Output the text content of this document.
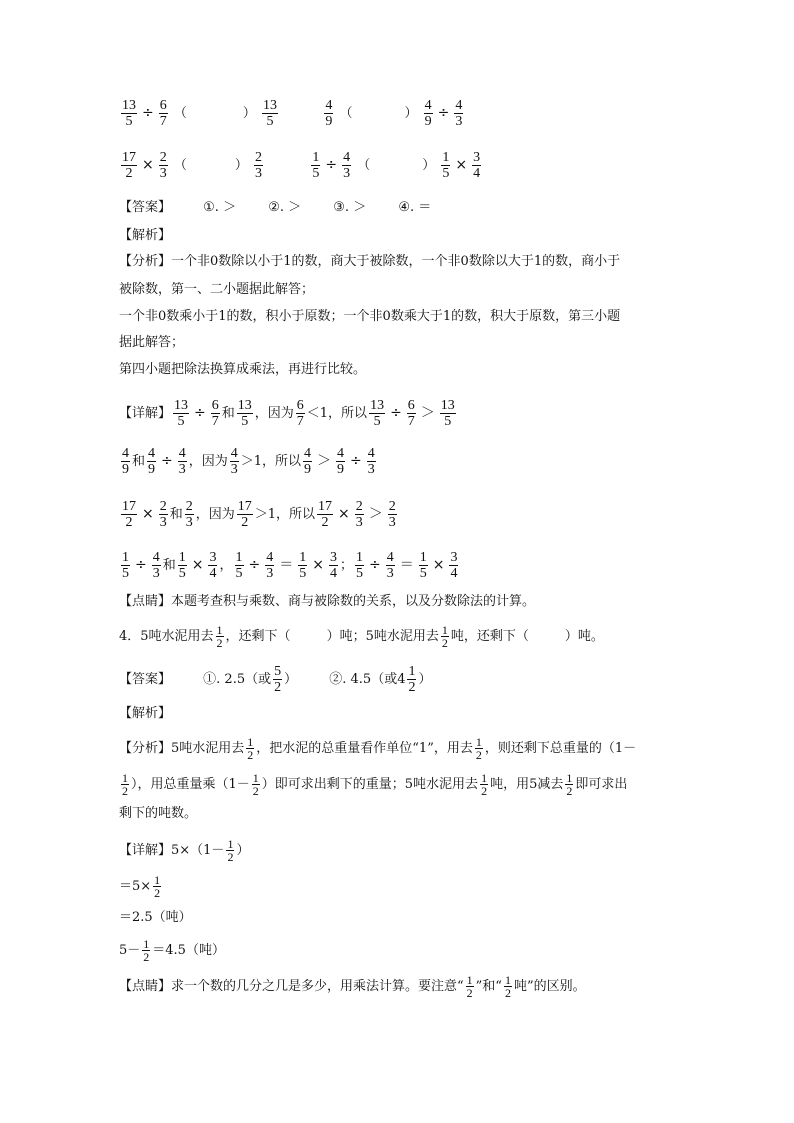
$\frac{13}{5} \div \frac{6}{7}$ （	） $\frac{13}{5}$
	$\frac{4}{9}$ （	） $\frac{4}{9} \div \frac{4}{3}$
$\frac{17}{2} \times \frac{2}{3}$ （	） $\frac{2}{3}$
	$\frac{1}{5} \div \frac{4}{3}$ （	） $\frac{1}{5} \times \frac{3}{4}$
【答案】 ①. ＞ ②. ＞ ③. ＞ ④. ＝
【解析】
【分析】一个非0数除以小于1的数，商大于被除数，一个非0数除以大于1的数，商小于
被除数，第一、二小题据此解答；
一个非0数乘小于1的数，积小于原数；一个非0数乘大于1的数，积大于原数，第三小题
据此解答；
第四小题把除法换算成乘法，再进行比较。
【详解】 $\frac{13}{5} \div \frac{6}{7}$ 和 $\frac{13}{5}$ ，因为 $\frac{6}{7} <1$，所以 $\frac{13}{5} \div \frac{6}{7} > \frac{13}{5}$
$\frac{4}{9}$ 和 $\frac{4}{9} \div \frac{4}{3}$ ，因为 $\frac{4}{3} >1$，所以 $\frac{4}{9} > \frac{4}{9} \div \frac{4}{3}$
$\frac{17}{2} \times \frac{2}{3}$ 和 $\frac{2}{3}$ ，因为 $\frac{17}{2} >1$，所以 $\frac{17}{2} \times \frac{2}{3} > \frac{2}{3}$
$\frac{1}{5} \div \frac{4}{3}$ 和 $\frac{1}{5} \times \frac{3}{4}$ ， $\frac{1}{5} \div \frac{4}{3} = \frac{1}{5} \times \frac{3}{4}$ ； $\frac{1}{5} \div \frac{4}{3} = \frac{1}{5} \times \frac{3}{4}$
【点睛】本题考查积与乘数、商与被除数的关系，以及分数除法的计算。
4．5吨水泥用去 $\frac{1}{2}$ ，还剩下（	）吨；5吨水泥用去 $\frac{1}{2}$ 吨，还剩下（	）吨。
【答案】 ①. 2.5（或 $\frac{5}{2}$ ） ②. 4.5（或$4 \frac{1}{2}$ ）
【解析】
【分析】5吨水泥用去 $\frac{1}{2}$ ，把水泥的总重量看作单位“1”，用去 $\frac{1}{2}$ ，则还剩下总重量的（1－
$\frac{1}{2}$ ），用总重量乘（$1- \frac{1}{2}$ ）即可求出剩下的重量；5吨水泥用去 $\frac{1}{2}$ 吨，用5减去 $\frac{1}{2}$ 即可求出
剩下的吨数。
【详解】$5\times(1- \frac{1}{2}$ ）
$=5\times \frac{1}{2}$
＝2.5（吨）
$5- \frac{1}{2} =4.5$（吨）
【点睛】求一个数的几分之几是多少，用乘法计算。要注意“ $\frac{1}{2}$ ”和“ $\frac{1}{2}$ 吨”的区别。
